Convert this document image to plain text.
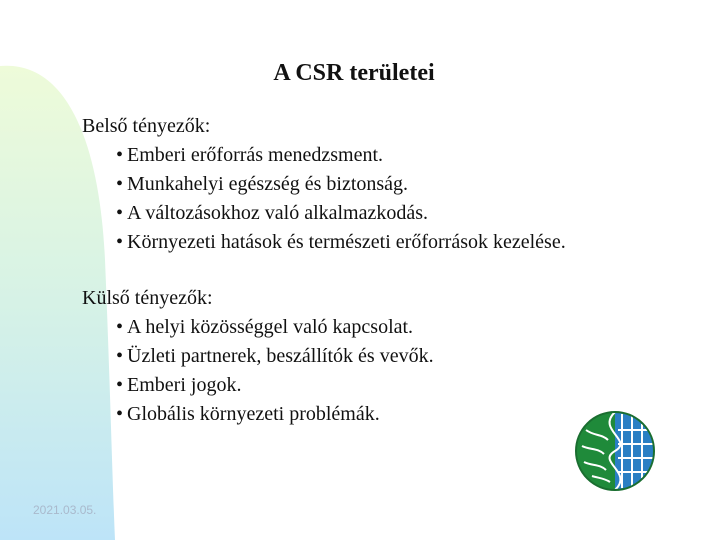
A CSR területei
Belső tényezők:
• Emberi erőforrás menedzsment.
• Munkahelyi egészség és biztonság.
• A változásokhoz való alkalmazkodás.
• Környezeti hatások és természeti erőforrások kezelése.
Külső tényezők:
• A helyi közösséggel való kapcsolat.
• Üzleti partnerek, beszállítók és vevők.
• Emberi jogok.
• Globális környezeti problémák.
2021.03.05.
